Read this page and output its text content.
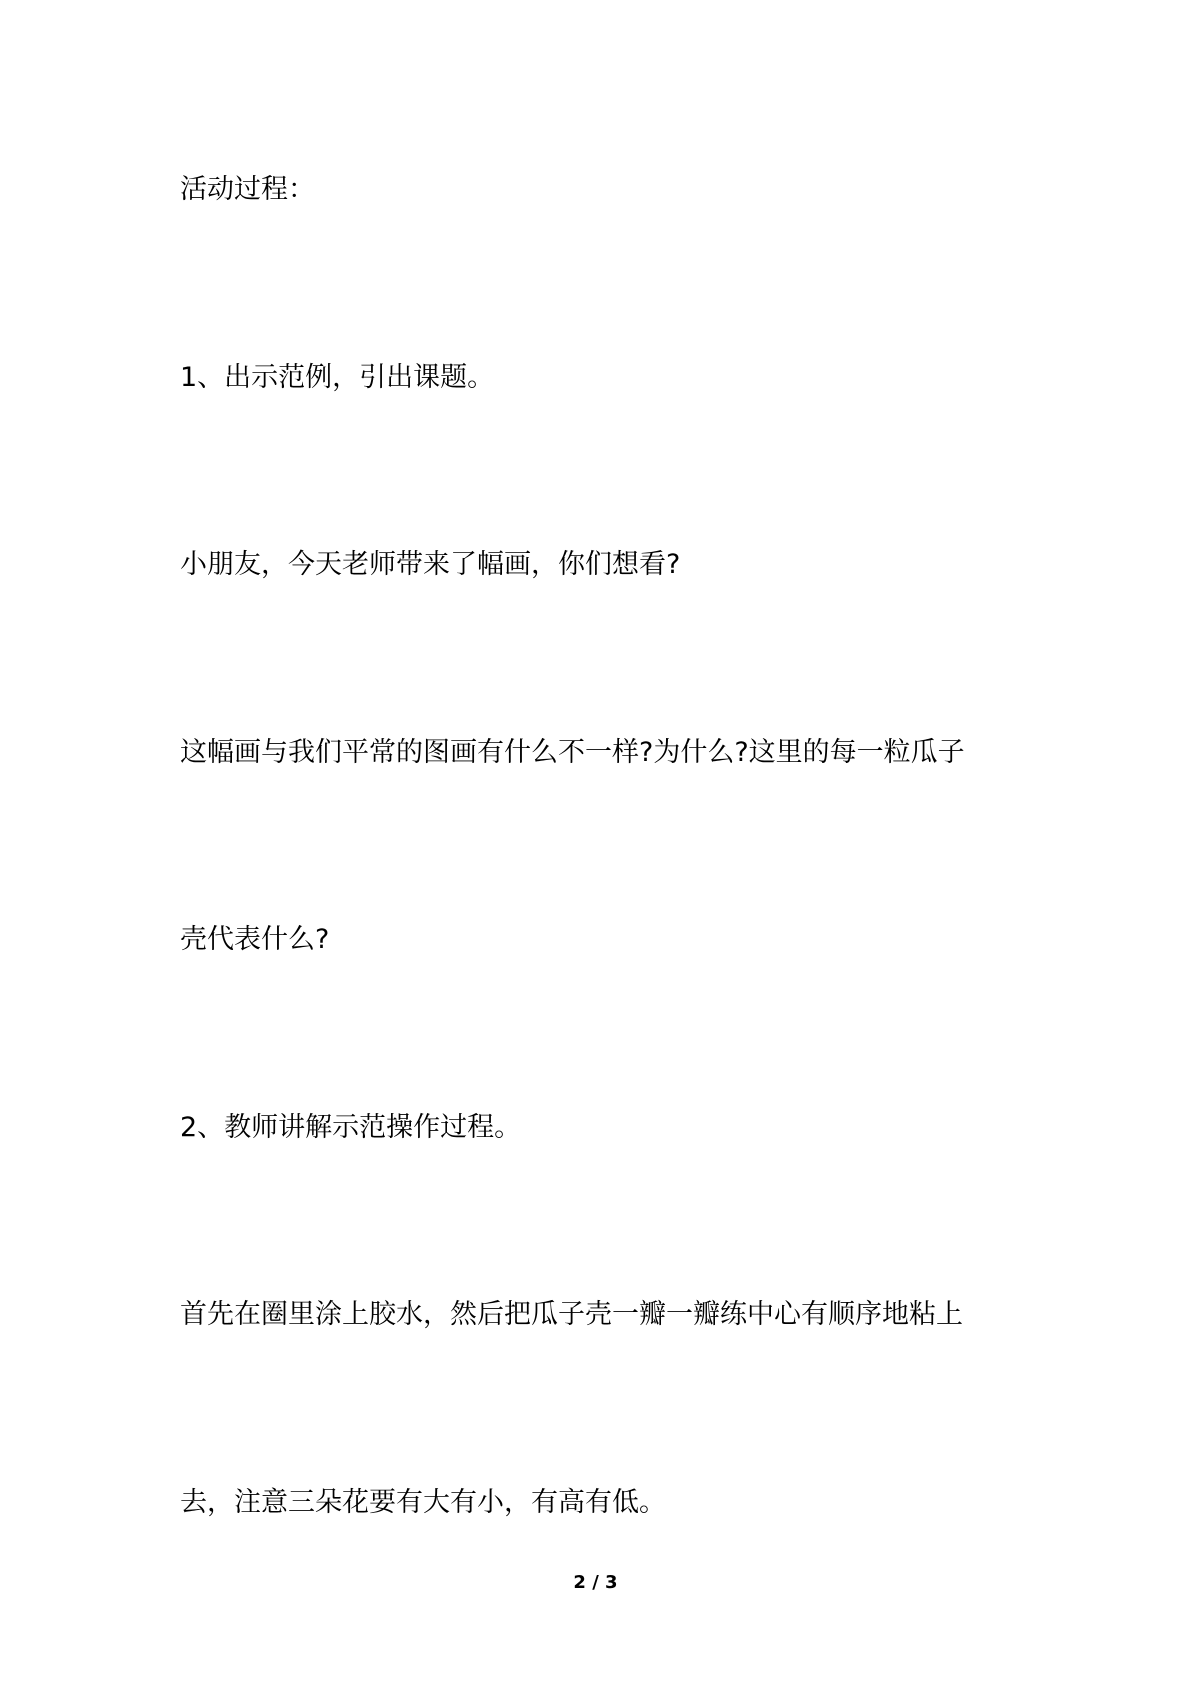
活动过程：
1、出示范例，引出课题。
小朋友，今天老师带来了幅画，你们想看?
这幅画与我们平常的图画有什么不一样?为什么?这里的每一粒瓜子
壳代表什么?
2、教师讲解示范操作过程。
首先在圈里涂上胶水，然后把瓜子壳一瓣一瓣练中心有顺序地粘上
去，注意三朵花要有大有小，有高有低。
2 / 3
